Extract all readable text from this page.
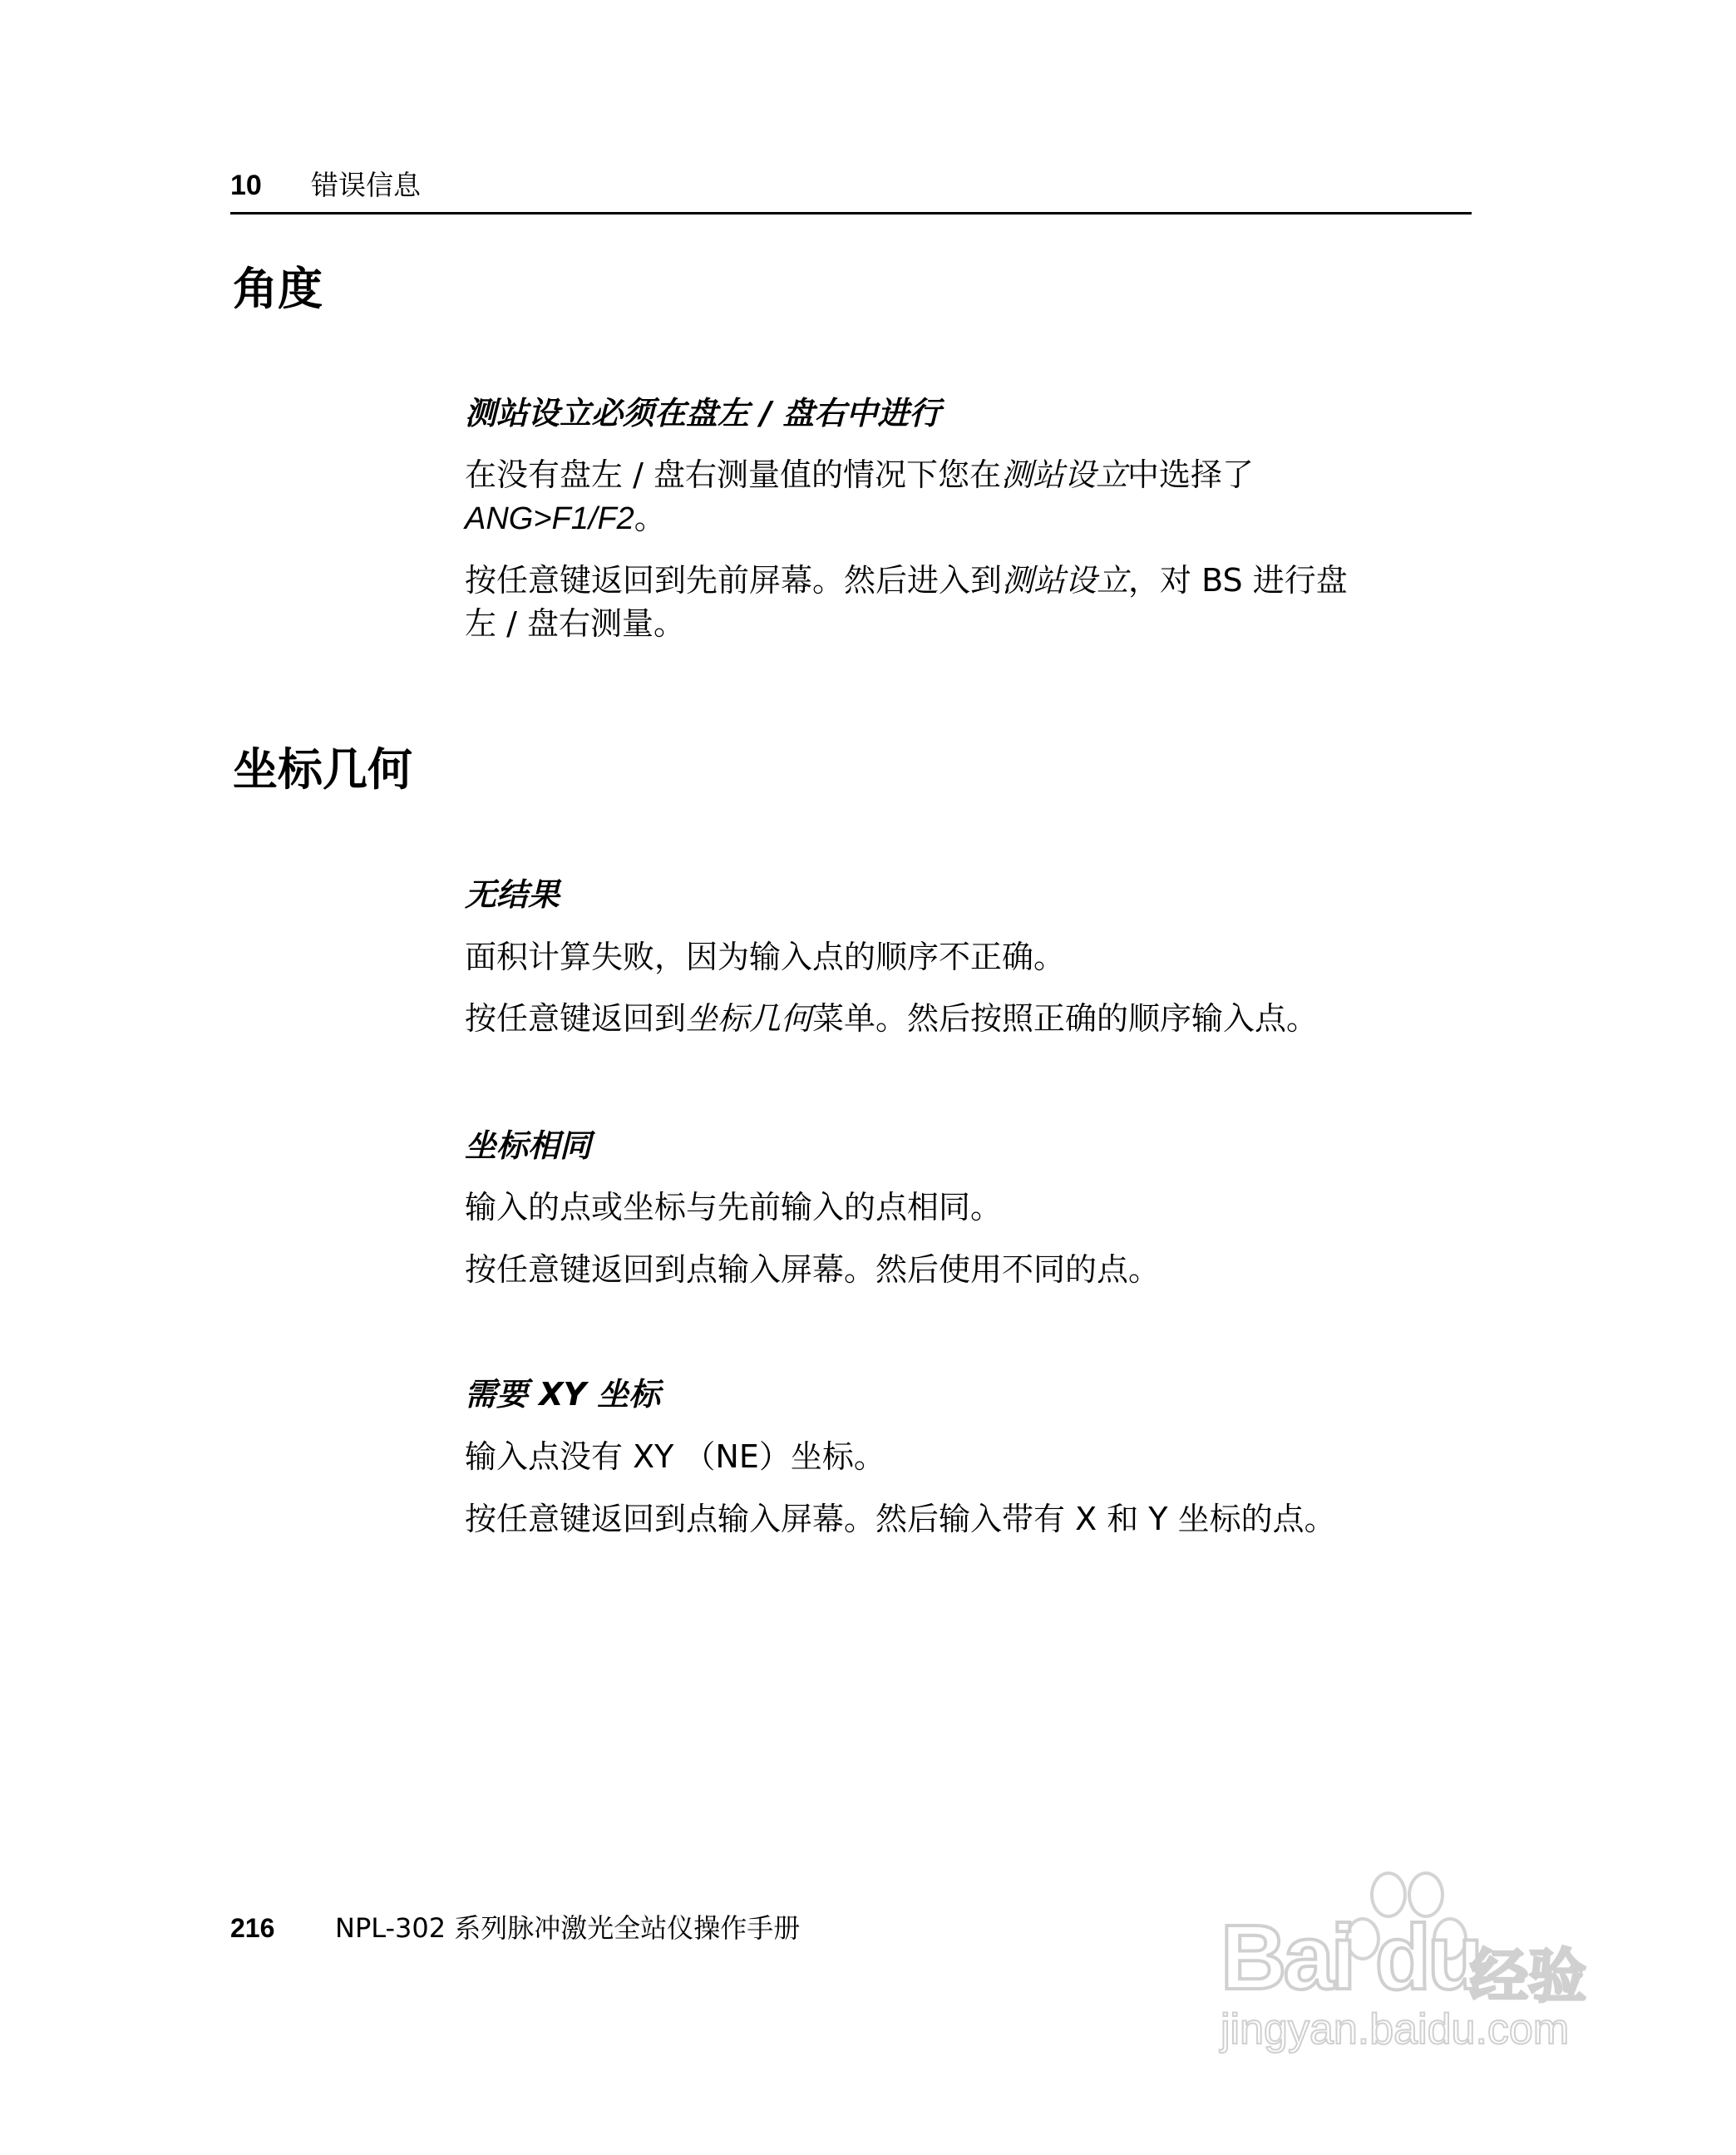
10 错误信息
角度
测站设立必须在盘左 / 盘右中进行
在没有盘左 / 盘右测量值的情况下您在测站设立中选择了
ANG>F1/F2。
按任意键返回到先前屏幕。然后进入到测站设立，对 BS 进行盘
左 / 盘右测量。
坐标几何
无结果
面积计算失败，因为输入点的顺序不正确。
按任意键返回到坐标几何菜单。然后按照正确的顺序输入点。
坐标相同
输入的点或坐标与先前输入的点相同。
按任意键返回到点输入屏幕。然后使用不同的点。
需要 XY 坐标
输入点没有 XY （NE）坐标。
按任意键返回到点输入屏幕。然后输入带有 X 和 Y 坐标的点。
216 NPL-302 系列脉冲激光全站仪操作手册	Bai du
经验
jingyan.baidu.com
